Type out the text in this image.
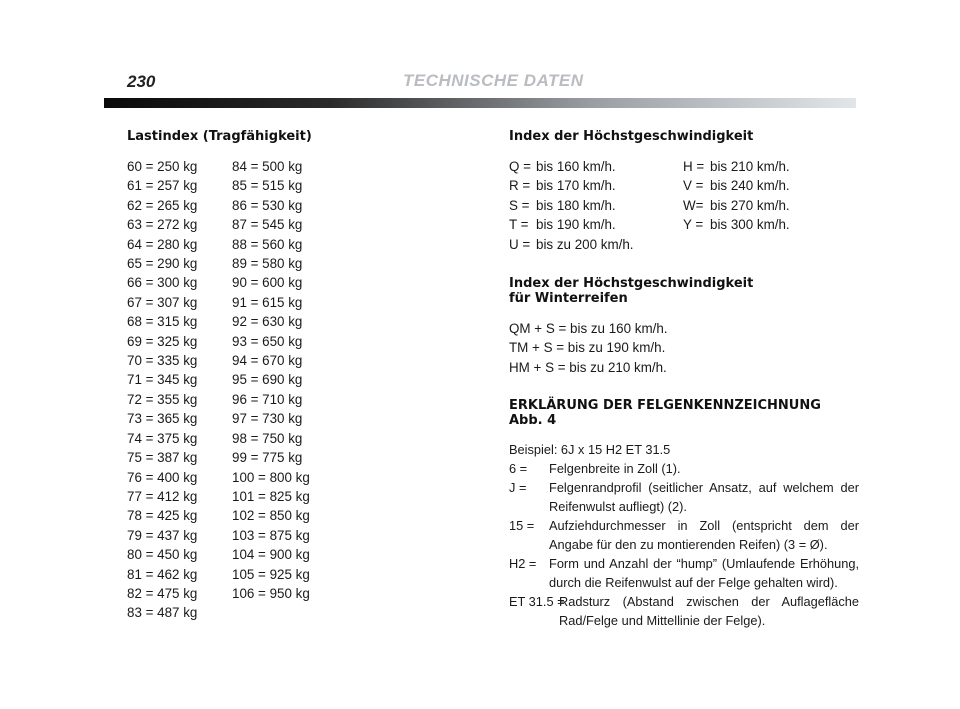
230	TECHNISCHE DATEN
Lastindex (Tragfähigkeit)
60 = 250 kg
61 = 257 kg
62 = 265 kg
63 = 272 kg
64 = 280 kg
65 = 290 kg
66 = 300 kg
67 = 307 kg
68 = 315 kg
69 = 325 kg
70 = 335 kg
71 = 345 kg
72 = 355 kg
73 = 365 kg
74 = 375 kg
75 = 387 kg
76 = 400 kg
77 = 412 kg
78 = 425 kg
79 = 437 kg
80 = 450 kg
81 = 462 kg
82 = 475 kg
83 = 487 kg
84 = 500 kg
85 = 515 kg
86 = 530 kg
87 = 545 kg
88 = 560 kg
89 = 580 kg
90 = 600 kg
91 = 615 kg
92 = 630 kg
93 = 650 kg
94 = 670 kg
95 = 690 kg
96 = 710 kg
97 = 730 kg
98 = 750 kg
99 = 775 kg
100 = 800 kg
101 = 825 kg
102 = 850 kg
103 = 875 kg
104 = 900 kg
105 = 925 kg
106 = 950 kg
Index der Höchstgeschwindigkeit
Q = bis 160 km/h.
R = bis 170 km/h.
S = bis 180 km/h.
T = bis 190 km/h.
U = bis zu 200 km/h.
H = bis 210 km/h.
V = bis 240 km/h.
W= bis 270 km/h.
Y = bis 300 km/h.
Index der Höchstgeschwindigkeit
für Winterreifen
QM + S = bis zu 160 km/h.
TM + S = bis zu 190 km/h.
HM + S = bis zu 210 km/h.
ERKLÄRUNG DER FELGENKENNZEICHNUNG
Abb. 4
Beispiel: 6J x 15 H2 ET 31.5
6 =	Felgenbreite in Zoll (1).
J =	Felgenrandprofil (seitlicher Ansatz, auf welchem der Reifenwulst aufliegt) (2).
15 =	Aufziehdurchmesser in Zoll (entspricht dem der Angabe für den zu montierenden Reifen) (3 = Ø).
H2 = Form und Anzahl der “hump” (Umlaufende Erhöhung, durch die Reifenwulst auf der Felge gehalten wird).
ET 31.5 =
Radsturz (Abstand zwischen der Auflagefläche Rad/Felge und Mittellinie der Felge).
